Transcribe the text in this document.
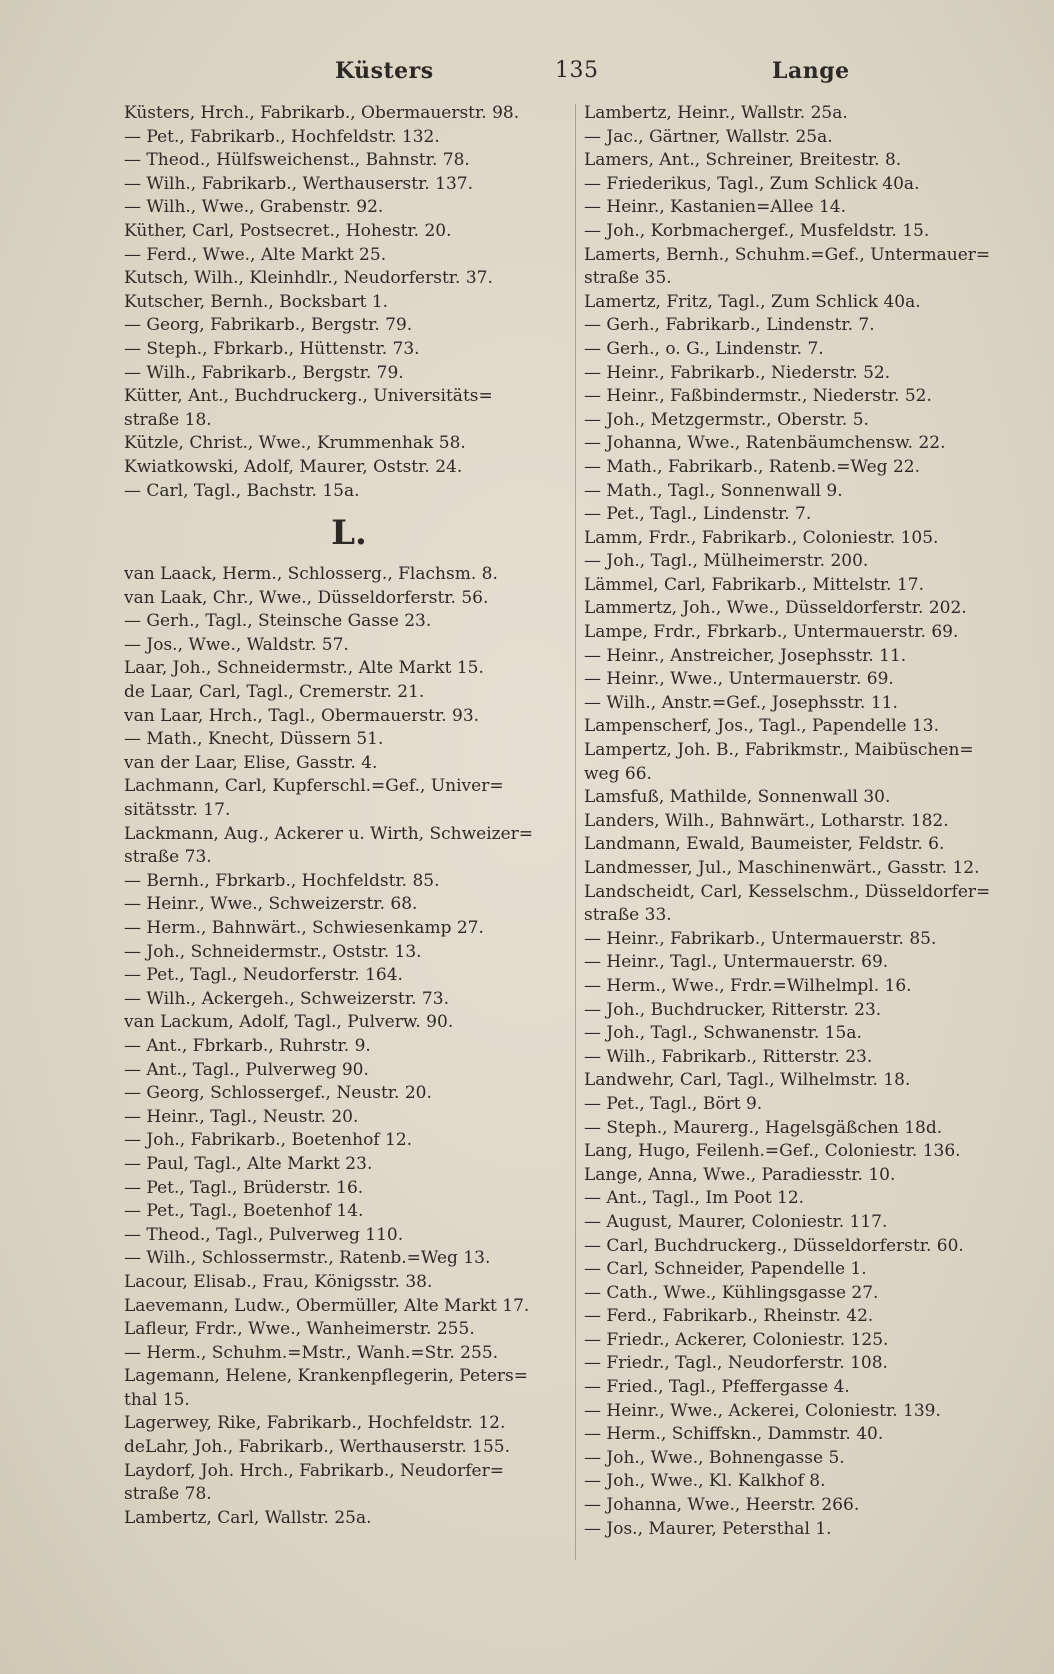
Küsters	135	Lange
Küsters, Hrch., Fabrikarb., Obermauerstr. 98.
— Pet., Fabrikarb., Hochfeldstr. 132.
— Theod., Hülfsweichenst., Bahnstr. 78.
— Wilh., Fabrikarb., Werthauserstr. 137.
— Wilh., Wwe., Grabenstr. 92.
Küther, Carl, Postsecret., Hohestr. 20.
— Ferd., Wwe., Alte Markt 25.
Kutsch, Wilh., Kleinhdlr., Neudorferstr. 37.
Kutscher, Bernh., Bocksbart 1.
— Georg, Fabrikarb., Bergstr. 79.
— Steph., Fbrkarb., Hüttenstr. 73.
— Wilh., Fabrikarb., Bergstr. 79.
Kütter, Ant., Buchdruckerg., Universitäts=
straße 18.
Kützle, Christ., Wwe., Krummenhak 58.
Kwiatkowski, Adolf, Maurer, Oststr. 24.
— Carl, Tagl., Bachstr. 15a.
L.
van Laack, Herm., Schlosserg., Flachsm. 8.
van Laak, Chr., Wwe., Düsseldorferstr. 56.
— Gerh., Tagl., Steinsche Gasse 23.
— Jos., Wwe., Waldstr. 57.
Laar, Joh., Schneidermstr., Alte Markt 15.
de Laar, Carl, Tagl., Cremerstr. 21.
van Laar, Hrch., Tagl., Obermauerstr. 93.
— Math., Knecht, Düssern 51.
van der Laar, Elise, Gasstr. 4.
Lachmann, Carl, Kupferschl.=Gef., Univer=
sitätsstr. 17.
Lackmann, Aug., Ackerer u. Wirth, Schweizer=
straße 73.
— Bernh., Fbrkarb., Hochfeldstr. 85.
— Heinr., Wwe., Schweizerstr. 68.
— Herm., Bahnwärt., Schwiesenkamp 27.
— Joh., Schneidermstr., Oststr. 13.
— Pet., Tagl., Neudorferstr. 164.
— Wilh., Ackergeh., Schweizerstr. 73.
van Lackum, Adolf, Tagl., Pulverw. 90.
— Ant., Fbrkarb., Ruhrstr. 9.
— Ant., Tagl., Pulverweg 90.
— Georg, Schlossergef., Neustr. 20.
— Heinr., Tagl., Neustr. 20.
— Joh., Fabrikarb., Boetenhof 12.
— Paul, Tagl., Alte Markt 23.
— Pet., Tagl., Brüderstr. 16.
— Pet., Tagl., Boetenhof 14.
— Theod., Tagl., Pulverweg 110.
— Wilh., Schlossermstr., Ratenb.=Weg 13.
Lacour, Elisab., Frau, Königsstr. 38.
Laevemann, Ludw., Obermüller, Alte Markt 17.
Lafleur, Frdr., Wwe., Wanheimerstr. 255.
— Herm., Schuhm.=Mstr., Wanh.=Str. 255.
Lagemann, Helene, Krankenpflegerin, Peters=
thal 15.
Lagerwey, Rike, Fabrikarb., Hochfeldstr. 12.
deLahr, Joh., Fabrikarb., Werthauserstr. 155.
Laydorf, Joh. Hrch., Fabrikarb., Neudorfer=
straße 78.
Lambertz, Carl, Wallstr. 25a.
Lambertz, Heinr., Wallstr. 25a.
— Jac., Gärtner, Wallstr. 25a.
Lamers, Ant., Schreiner, Breitestr. 8.
— Friederikus, Tagl., Zum Schlick 40a.
— Heinr., Kastanien=Allee 14.
— Joh., Korbmachergef., Musfeldstr. 15.
Lamerts, Bernh., Schuhm.=Gef., Untermauer=
straße 35.
Lamertz, Fritz, Tagl., Zum Schlick 40a.
— Gerh., Fabrikarb., Lindenstr. 7.
— Gerh., o. G., Lindenstr. 7.
— Heinr., Fabrikarb., Niederstr. 52.
— Heinr., Faßbindermstr., Niederstr. 52.
— Joh., Metzgermstr., Oberstr. 5.
— Johanna, Wwe., Ratenbäumchensw. 22.
— Math., Fabrikarb., Ratenb.=Weg 22.
— Math., Tagl., Sonnenwall 9.
— Pet., Tagl., Lindenstr. 7.
Lamm, Frdr., Fabrikarb., Coloniestr. 105.
— Joh., Tagl., Mülheimerstr. 200.
Lämmel, Carl, Fabrikarb., Mittelstr. 17.
Lammertz, Joh., Wwe., Düsseldorferstr. 202.
Lampe, Frdr., Fbrkarb., Untermauerstr. 69.
— Heinr., Anstreicher, Josephsstr. 11.
— Heinr., Wwe., Untermauerstr. 69.
— Wilh., Anstr.=Gef., Josephsstr. 11.
Lampenscherf, Jos., Tagl., Papendelle 13.
Lampertz, Joh. B., Fabrikmstr., Maibüschen=
weg 66.
Lamsfuß, Mathilde, Sonnenwall 30.
Landers, Wilh., Bahnwärt., Lotharstr. 182.
Landmann, Ewald, Baumeister, Feldstr. 6.
Landmesser, Jul., Maschinenwärt., Gasstr. 12.
Landscheidt, Carl, Kesselschm., Düsseldorfer=
straße 33.
— Heinr., Fabrikarb., Untermauerstr. 85.
— Heinr., Tagl., Untermauerstr. 69.
— Herm., Wwe., Frdr.=Wilhelmpl. 16.
— Joh., Buchdrucker, Ritterstr. 23.
— Joh., Tagl., Schwanenstr. 15a.
— Wilh., Fabrikarb., Ritterstr. 23.
Landwehr, Carl, Tagl., Wilhelmstr. 18.
— Pet., Tagl., Bört 9.
— Steph., Maurerg., Hagelsgäßchen 18d.
Lang, Hugo, Feilenh.=Gef., Coloniestr. 136.
Lange, Anna, Wwe., Paradiesstr. 10.
— Ant., Tagl., Im Poot 12.
— August, Maurer, Coloniestr. 117.
— Carl, Buchdruckerg., Düsseldorferstr. 60.
— Carl, Schneider, Papendelle 1.
— Cath., Wwe., Kühlingsgasse 27.
— Ferd., Fabrikarb., Rheinstr. 42.
— Friedr., Ackerer, Coloniestr. 125.
— Friedr., Tagl., Neudorferstr. 108.
— Fried., Tagl., Pfeffergasse 4.
— Heinr., Wwe., Ackerei, Coloniestr. 139.
— Herm., Schiffskn., Dammstr. 40.
— Joh., Wwe., Bohnengasse 5.
— Joh., Wwe., Kl. Kalkhof 8.
— Johanna, Wwe., Heerstr. 266.
— Jos., Maurer, Petersthal 1.
